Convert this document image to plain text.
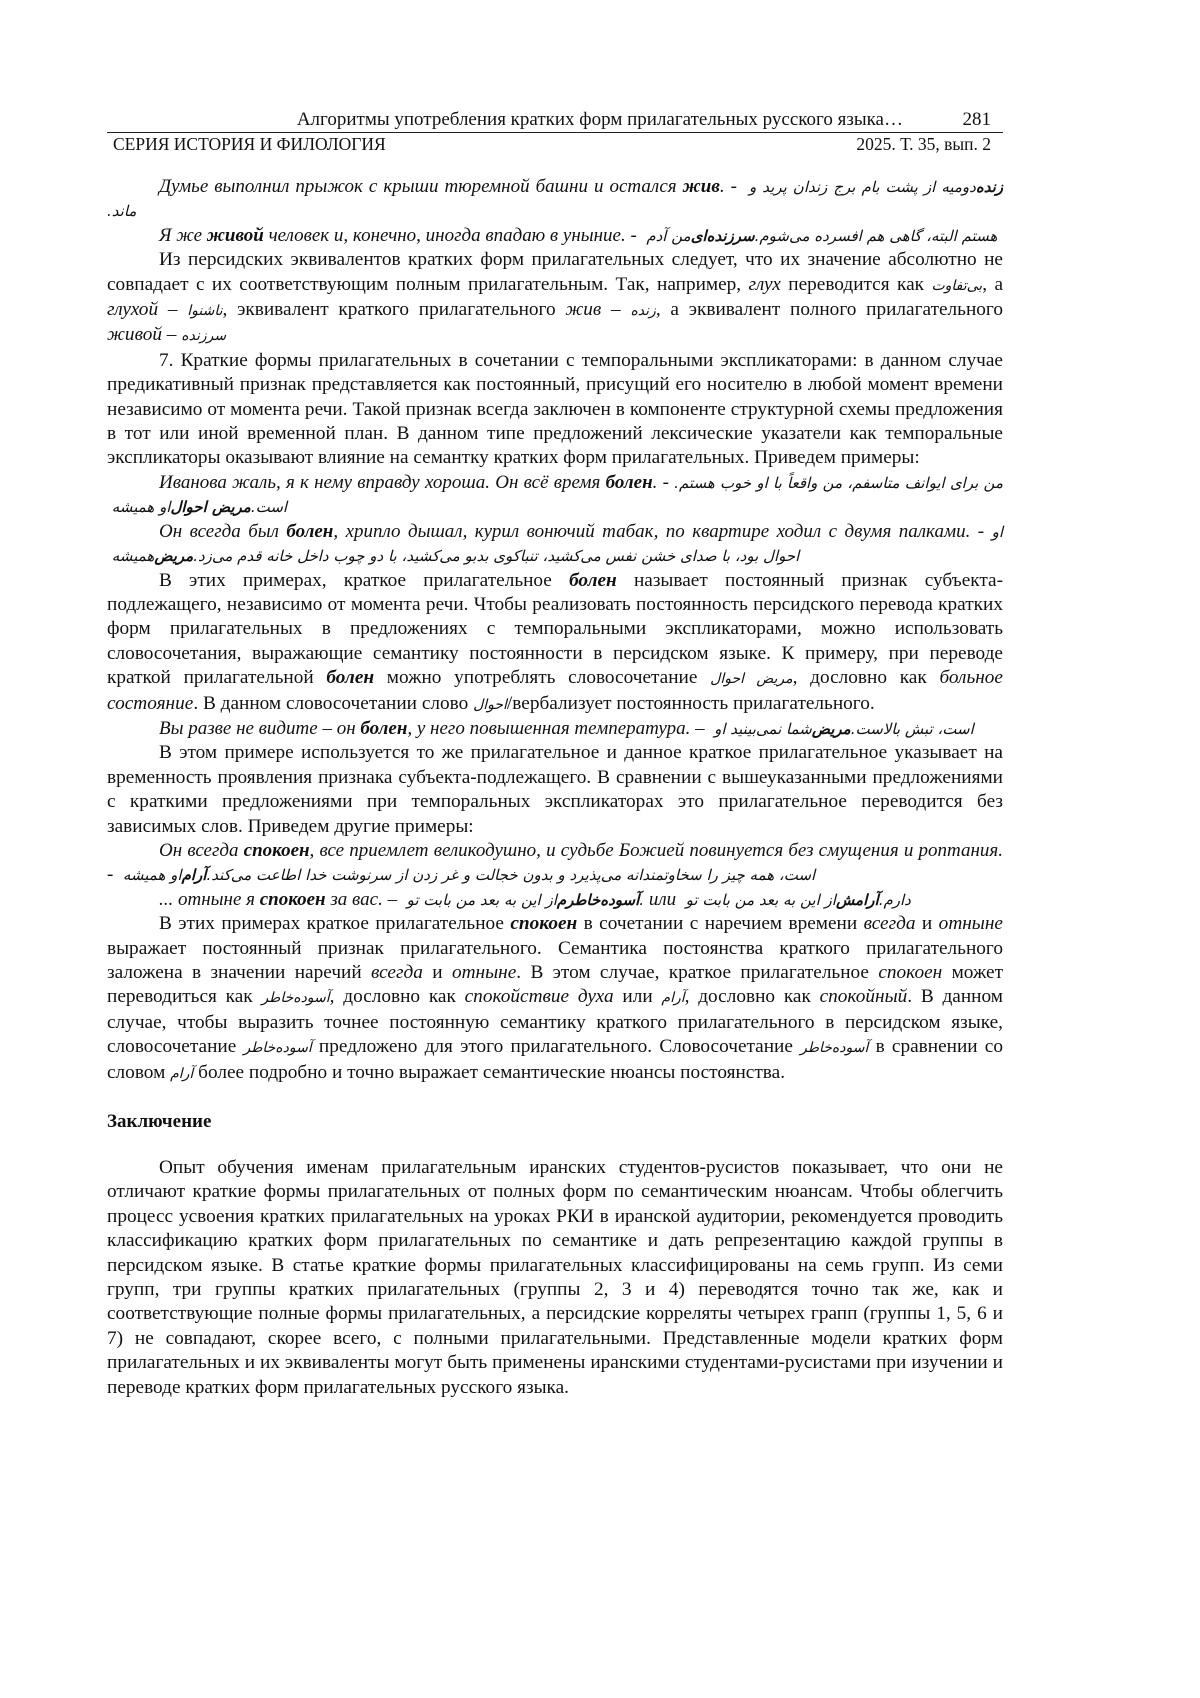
Алгоритмы употребления кратких форм прилагательных русского языка…	281
СЕРИЯ ИСТОРИЯ И ФИЛОЛОГИЯ	2025. Т. 35, вып. 2

Думье выполнил прыжок с крыши тюремной башни и остался жив. - دومیه از پشت بام برج زندان پرید و زنده ماند.

Я же живой человек и, конечно, иногда впадаю в уныние. - من آدم سرزنده‌ای هستم البته، گاهی هم افسرده می‌شوم.

Из персидских эквивалентов кратких форм прилагательных следует, что их значение абсолютно не совпадает с их соответствующим полным прилагательным. Так, например, глух переводится как بی‌تفاوت, а глухой – ناشنوا, эквивалент краткого прилагательного жив – زنده, а эквивалент полного прилагательного живой – سرزنده

7. Краткие формы прилагательных в сочетании с темпоральными экспликаторами: в данном случае предикативный признак представляется как постоянный, присущий его носителю в любой момент времени независимо от момента речи. Такой признак всегда заключен в компоненте структурной схемы предложения в тот или иной временной план. В данном типе предложений лексические указатели как темпоральные экспликаторы оказывают влияние на семантку кратких форм прилагательных. Приведем примеры:

Иванова жаль, я к нему вправду хороша. Он всё время болен. - من برای ایوانف متاسفم، من واقعاً با او خوب هستم. او همیشه مریض احوال است.

Он всегда был болен, хрипло дышал, курил вонючий табак, по квартире ходил с двумя палками. - او همیشه مریض احوال بود، با صدای خشن نفس می‌کشید، تنباکوی بدبو می‌کشید، با دو چوب داخل خانه قدم می‌زد.

В этих примерах, краткое прилагательное болен называет постоянный признак субъекта-подлежащего, независимо от момента речи. Чтобы реализовать постоянность персидского перевода кратких форм прилагательных в предложениях с темпоральными экспликаторами, можно использовать словосочетания, выражающие семантику постоянности в персидском языке. К примеру, при переводе краткой прилагательной болен можно употреблять словосочетание مریض احوال, дословно как больное состояние. В данном словосочетании слово احوال/вербализует постоянность прилагательного.

Вы разве не видите – он болен, у него повышенная температура. – شما نمی‌بینید او مریض است، تبش بالاست.

В этом примере используется то же прилагательное и данное краткое прилагательное указывает на временность проявления признака субъекта-подлежащего. В сравнении с вышеуказанными предложениями с краткими предложениями при темпоральных экспликаторах это прилагательное переводится без зависимых слов. Приведем другие примеры:

Он всегда спокоен, все приемлет великодушно, и судьбе Божией повинуется без смущения и роптания. - او همیشه آرام است، همه چیز را سخاوتمندانه می‌پذیرد و بدون خجالت و غر زدن از سرنوشت خدا اطاعت می‌کند.

... отныне я спокоен за вас. – از این به بعد من بابت تو آسوده‌خاطرم. или از این به بعد من بابت تو آرامش دارم.

В этих примерах краткое прилагательное спокоен в сочетании с наречием времени всегда и отныне выражает постоянный признак прилагательного. Семантика постоянства краткого прилагательного заложена в значении наречий всегда и отныне. В этом случае, краткое прилагательное спокоен может переводиться как آسوده‌خاطر, дословно как спокойствие духа или آرام, дословно как спокойный. В данном случае, чтобы выразить точнее постоянную семантику краткого прилагательного в персидском языке, словосочетание آسوده‌خاطر предложено для этого прилагательного. Словосочетание آسوده‌خاطر в сравнении со словом آرام более подробно и точно выражает семантические нюансы постоянства.

Заключение

Опыт обучения именам прилагательным иранских студентов-русистов показывает, что они не отличают краткие формы прилагательных от полных форм по семантическим нюансам. Чтобы облегчить процесс усвоения кратких прилагательных на уроках РКИ в иранской аудитории, рекомендуется проводить классификацию кратких форм прилагательных по семантике и дать репрезентацию каждой группы в персидском языке. В статье краткие формы прилагательных классифицированы на семь групп. Из семи групп, три группы кратких прилагательных (группы 2, 3 и 4) переводятся точно так же, как и соответствующие полные формы прилагательных, а персидские корреляты четырех грапп (группы 1, 5, 6 и 7) не совпадают, скорее всего, с полными прилагательными. Представленные модели кратких форм прилагательных и их эквиваленты могут быть применены иранскими студентами-русистами при изучении и переводе кратких форм прилагательных русского языка.
